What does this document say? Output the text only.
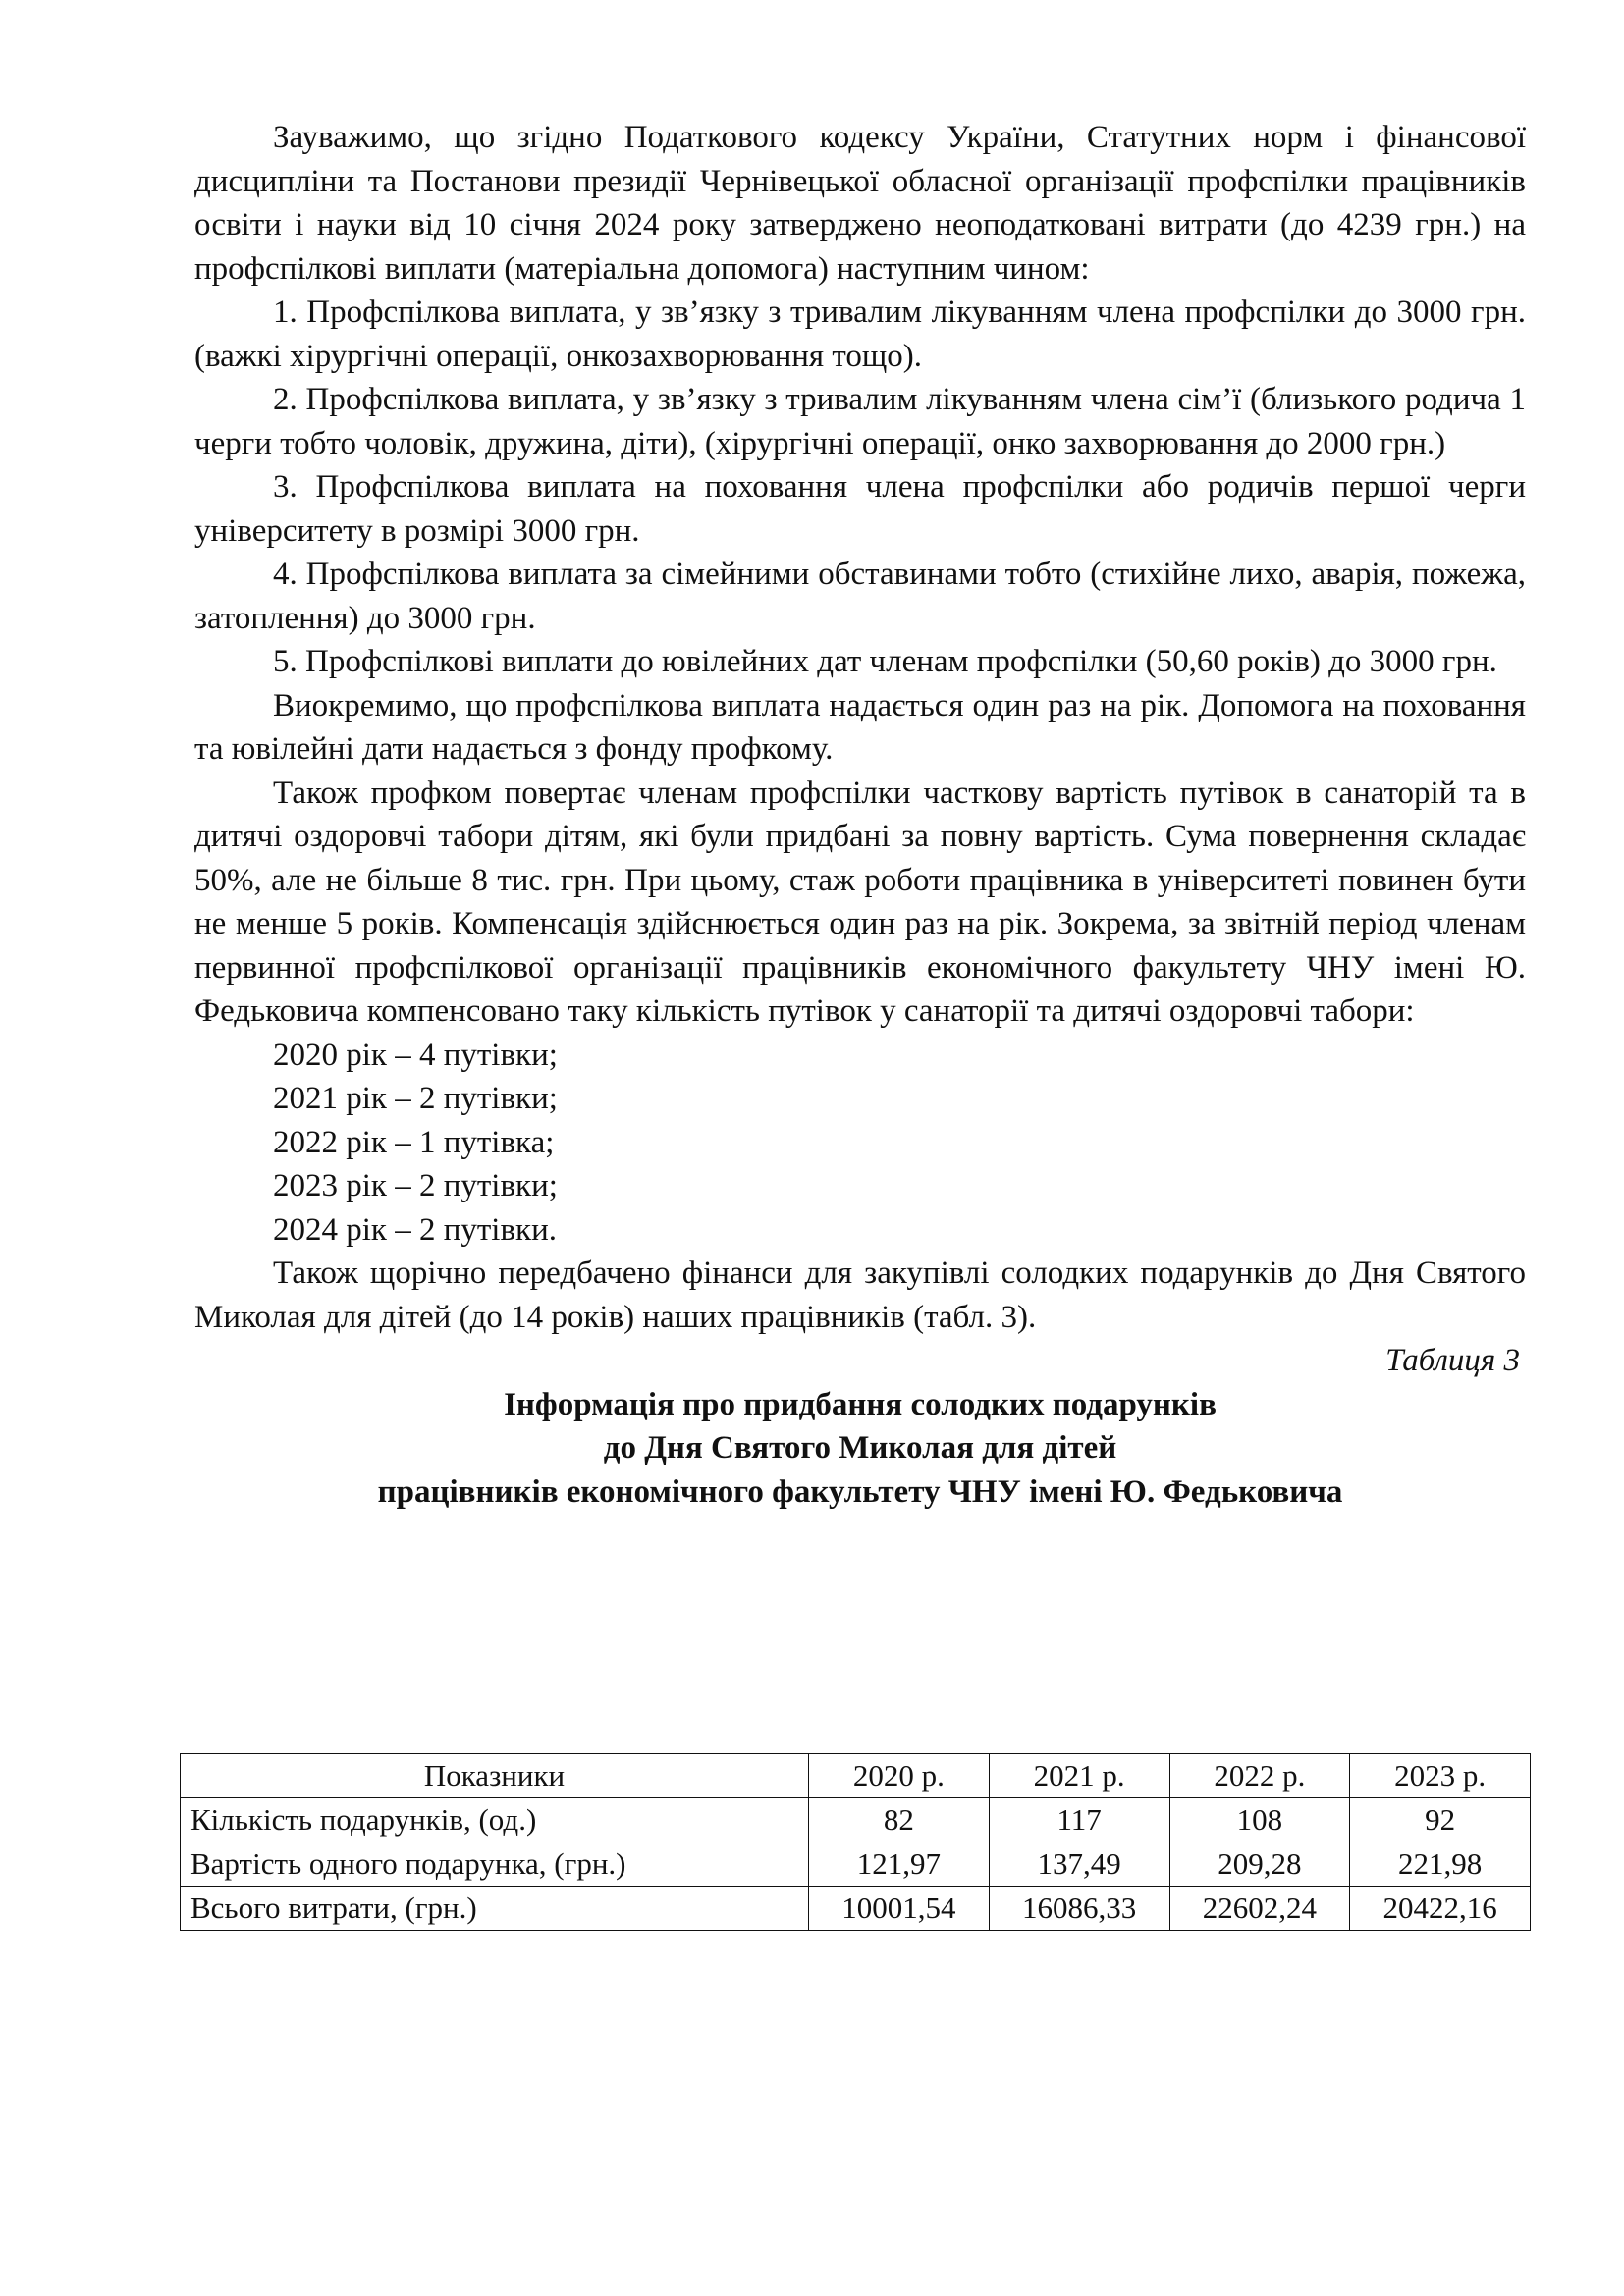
Зауважимо, що згідно Податкового кодексу України, Статутних норм і фінансової дисципліни та Постанови президії Чернівецької обласної організації профспілки працівників освіти і науки від 10 січня 2024 року затверджено неоподатковані витрати (до 4239 грн.) на профспілкові виплати (матеріальна допомога) наступним чином:

1. Профспілкова виплата, у зв’язку з тривалим лікуванням члена профспілки до 3000 грн. (важкі хірургічні операції, онкозахворювання тощо).

2. Профспілкова виплата, у зв’язку з тривалим лікуванням члена сім’ї (близького родича 1 черги тобто чоловік, дружина, діти), (хірургічні операції, онко захворювання до 2000 грн.)

3. Профспілкова виплата на поховання члена профспілки або родичів першої черги університету в розмірі 3000 грн.

4. Профспілкова виплата за сімейними обставинами тобто (стихійне лихо, аварія, пожежа, затоплення) до 3000 грн.

5. Профспілкові виплати до ювілейних дат членам профспілки (50,60 років) до 3000 грн.

Виокремимо, що профспілкова виплата надається один раз на рік. Допомога на поховання та ювілейні дати надається з фонду профкому.

Також профком повертає членам профспілки часткову вартість путівок в санаторій та в дитячі оздоровчі табори дітям, які були придбані за повну вартість. Сума повернення складає 50%, але не більше 8 тис. грн. При цьому, стаж роботи працівника в університеті повинен бути не менше 5 років. Компенсація здійснюється один раз на рік. Зокрема, за звітній період членам первинної профспілкової організації працівників економічного факультету ЧНУ імені Ю. Федьковича компенсовано таку кількість путівок у санаторії та дитячі оздоровчі табори:

2020 рік – 4 путівки;

2021 рік – 2 путівки;

2022 рік – 1 путівка;

2023 рік – 2 путівки;

2024 рік – 2 путівки.

Також щорічно передбачено фінанси для закупівлі солодких подарунків до Дня Святого Миколая для дітей (до 14 років) наших працівників (табл. 3).

Таблиця 3

Інформація про придбання солодких подарунків

до Дня Святого Миколая для дітей

працівників економічного факультету ЧНУ імені Ю. Федьковича

Показники	2020 р.	2021 р.	2022 р.	2023 р.
Кількість подарунків, (од.)	82	117	108	92
Вартість одного подарунка, (грн.)	121,97	137,49	209,28	221,98
Всього витрати, (грн.)	10001,54	16086,33	22602,24	20422,16
